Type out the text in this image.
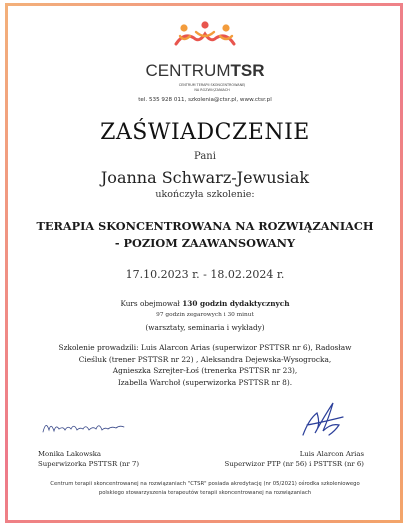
CENTRUMTSR
CENTRUM TERAPII SKONCENTROWANEJ
NA ROZWIĄZANIACH
tel. 535 928 011, szkolenia@ctsr.pl, www.ctsr.pl
ZAŚWIADCZENIE
Pani
Joanna Schwarz-Jewusiak
ukończyła szkolenie:
TERAPIA SKONCENTROWANA NA ROZWIĄZANIACH
- POZIOM ZAAWANSOWANY
17.10.2023 r. - 18.02.2024 r.
Kurs obejmował 130 godzin dydaktycznych
97 godzin zegarowych i 30 minut
(warsztaty, seminaria i wykłady)
Szkolenie prowadzili: Luis Alarcon Arias (superwizor PSTTSR nr 6), Radosław
Cieśluk (trener PSTTSR nr 22) , Aleksandra Dejewska-Wysogrocka,
Agnieszka Szrejter-Łoś (trenerka PSTTSR nr 23),
Izabella Warchoł (superwizorka PSTTSR nr 8).
Monika Lakowska
Superwizorka PSTTSR (nr 7)
Luis Alarcon Arias
Superwizor PTP (nr 56) i PSTTSR (nr 6)
Centrum terapii skoncentrowanej na rozwiązaniach "CTSR" posiada akredytację (nr 05/2021) ośrodka szkoleniowego
polskiego stowarzyszenia terapeutów terapii skoncentrowanej na rozwiązaniach
